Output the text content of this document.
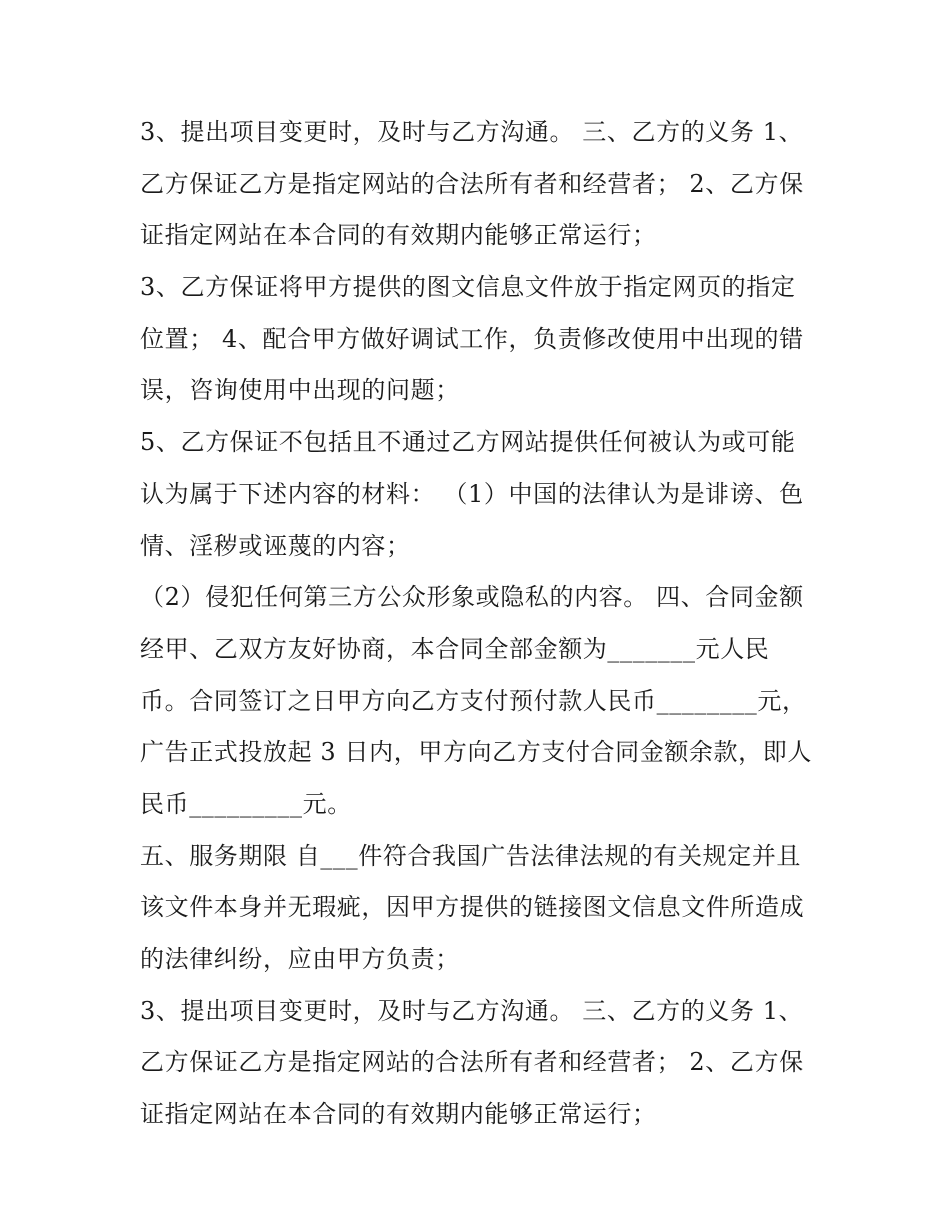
3、提出项目变更时，及时与乙方沟通。 三、乙方的义务 1、
乙方保证乙方是指定网站的合法所有者和经营者； 2、乙方保
证指定网站在本合同的有效期内能够正常运行；
3、乙方保证将甲方提供的图文信息文件放于指定网页的指定
位置； 4、配合甲方做好调试工作，负责修改使用中出现的错
误，咨询使用中出现的问题；
5、乙方保证不包括且不通过乙方网站提供任何被认为或可能
认为属于下述内容的材料： （1）中国的法律认为是诽谤、色
情、淫秽或诬蔑的内容；
（2）侵犯任何第三方公众形象或隐私的内容。 四、合同金额
经甲、乙双方友好协商，本合同全部金额为_______元人民
币。合同签订之日甲方向乙方支付预付款人民币________元，
广告正式投放起 3 日内，甲方向乙方支付合同金额余款，即人
民币_________元。
五、服务期限 自___件符合我国广告法律法规的有关规定并且
该文件本身并无瑕疵，因甲方提供的链接图文信息文件所造成
的法律纠纷，应由甲方负责；
3、提出项目变更时，及时与乙方沟通。 三、乙方的义务 1、
乙方保证乙方是指定网站的合法所有者和经营者； 2、乙方保
证指定网站在本合同的有效期内能够正常运行；
